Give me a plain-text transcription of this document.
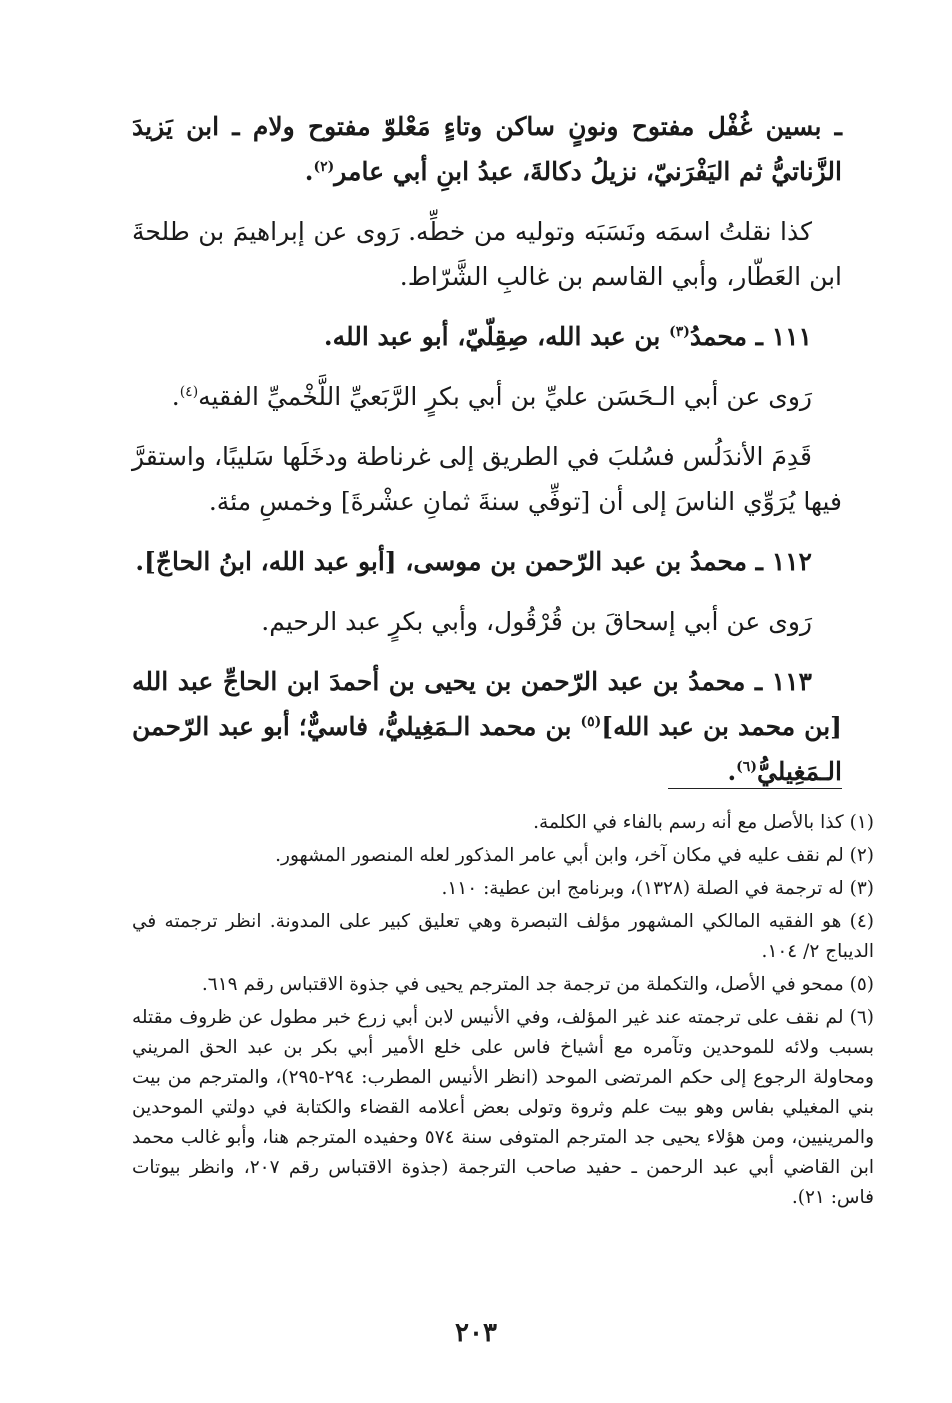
ـ بسين غُفْل مفتوح ونونٍ ساكن وتاءٍ مَعْلوّ مفتوح ولام ـ ابن يَزيدَ الزَّناتيُّ ثم اليَفْرَنيّ، نزيلُ دكالةَ، عبدُ ابنِ أبي عامر$^{(٢)}$.

كذا نقلتُ اسمَه ونَسَبَه وتوليه من خطِّه. رَوى عن إبراهيمَ بن طلحةَ ابن العَطّار، وأبي القاسم بن غالبِ الشَّرّاط.

١١١ ـ محمدُ$^{(٣)}$ بن عبد الله، صِقِلّيّ، أبو عبد الله.

رَوى عن أبي الـحَسَن عليِّ بن أبي بكرٍ الرَّبَعيِّ اللَّخْميِّ الفقيه$^{(٤)}$.

قَدِمَ الأندَلُس فسُلبَ في الطريق إلى غرناطة ودخَلَها سَليبًا، واستقرَّ فيها يُرَوِّي الناسَ إلى أن [توفِّي سنةَ ثمانِ عشْرةَ] وخمسِ مئة.

١١٢ ـ محمدُ بن عبد الرّحمن بن موسى، [أبو عبد الله، ابنُ الحاجّ].

رَوى عن أبي إسحاقَ بن قُرْقُول، وأبي بكرٍ عبد الرحيم.

١١٣ ـ محمدُ بن عبد الرّحمن بن يحيى بن أحمدَ ابن الحاجِّ عبد الله [بن محمد بن عبد الله]$^{(٥)}$ بن محمد الـمَغِيليُّ، فاسيٌّ؛ أبو عبد الرّحمن الـمَغِيليُّ$^{(٦)}$.

(١) كذا بالأصل مع أنه رسم بالفاء في الكلمة.

(٢) لم نقف عليه في مكان آخر، وابن أبي عامر المذكور لعله المنصور المشهور.

(٣) له ترجمة في الصلة (١٣٢٨)، وبرنامج ابن عطية: ١١٠.

(٤) هو الفقيه المالكي المشهور مؤلف التبصرة وهي تعليق كبير على المدونة. انظر ترجمته في الديباج ٢/ ١٠٤.

(٥) ممحو في الأصل، والتكملة من ترجمة جد المترجم يحيى في جذوة الاقتباس رقم ٦١٩.

(٦) لم نقف على ترجمته عند غير المؤلف، وفي الأنيس لابن أبي زرع خبر مطول عن ظروف مقتله بسبب ولائه للموحدين وتآمره مع أشياخ فاس على خلع الأمير أبي بكر بن عبد الحق المريني ومحاولة الرجوع إلى حكم المرتضى الموحد (انظر الأنيس المطرب: ٢٩٤-٢٩٥)، والمترجم من بيت بني المغيلي بفاس وهو بيت علم وثروة وتولى بعض أعلامه القضاء والكتابة في دولتي الموحدين والمرينيين، ومن هؤلاء يحيى جد المترجم المتوفى سنة ٥٧٤ وحفيده المترجم هنا، وأبو غالب محمد ابن القاضي أبي عبد الرحمن ـ حفيد صاحب الترجمة (جذوة الاقتباس رقم ٢٠٧، وانظر بيوتات فاس: ٢١).

٢٠٣
